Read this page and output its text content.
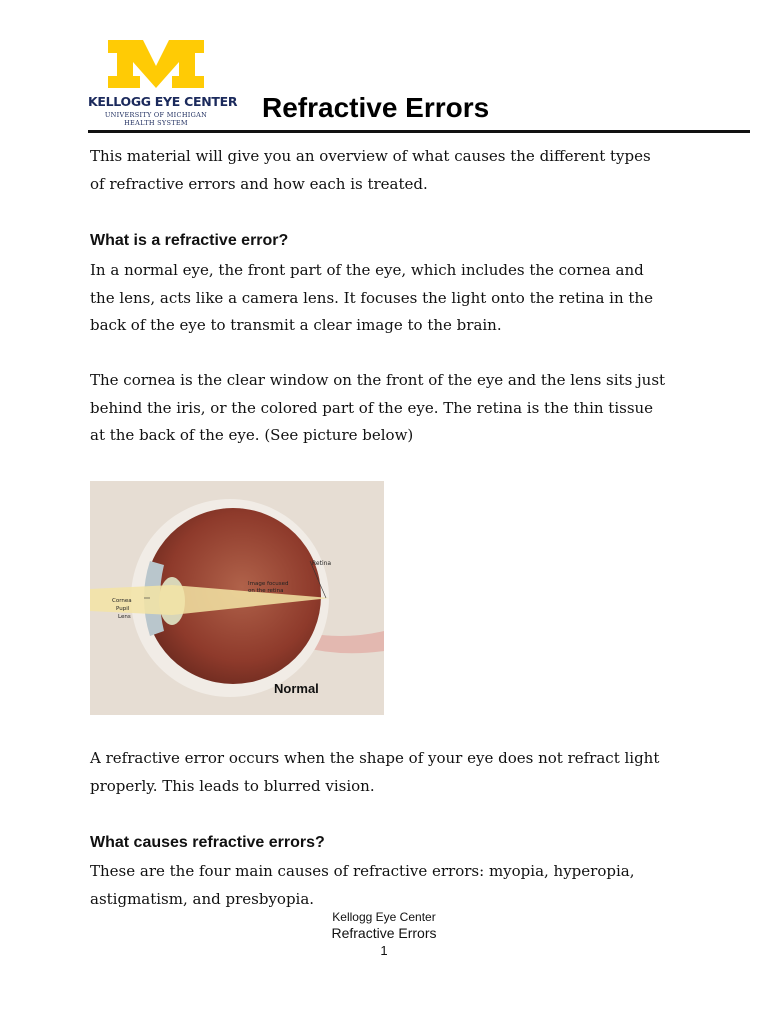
KELLOGG EYE CENTER
UNIVERSITY OF MICHIGAN
HEALTH SYSTEM	Refractive Errors

This material will give you an overview of what causes the different types of refractive errors and how each is treated.

What is a refractive error?

In a normal eye, the front part of the eye, which includes the cornea and the lens, acts like a camera lens. It focuses the light onto the retina in the back of the eye to transmit a clear image to the brain.

The cornea is the clear window on the front of the eye and the lens sits just behind the iris, or the colored part of the eye. The retina is the thin tissue at the back of the eye. (See picture below)

Retina
Image focused
on the retina
Cornea
Pupil
Lens
Normal

A refractive error occurs when the shape of your eye does not refract light properly. This leads to blurred vision.

What causes refractive errors?

These are the four main causes of refractive errors: myopia, hyperopia, astigmatism, and presbyopia.

Kellogg Eye Center
Refractive Errors
1
